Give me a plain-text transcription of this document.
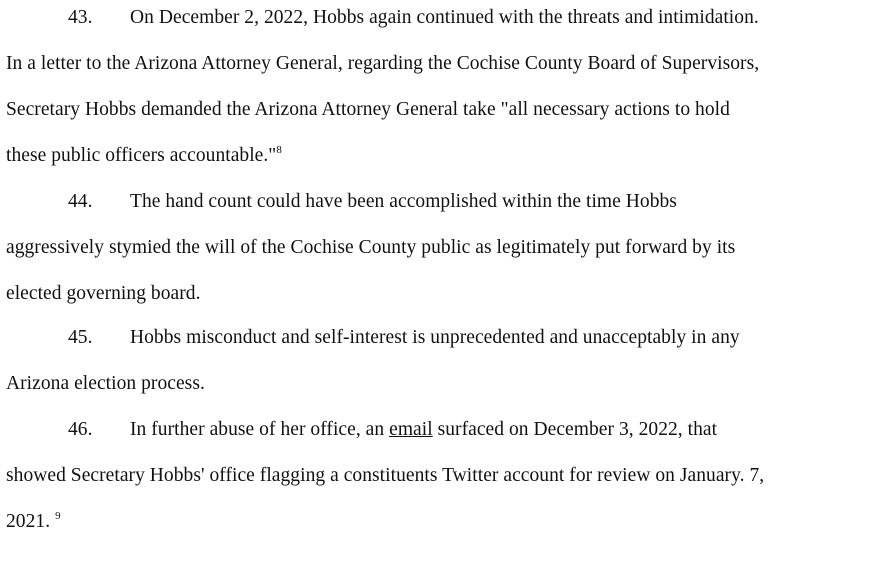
43. On December 2, 2022, Hobbs again continued with the threats and intimidation.
In a letter to the Arizona Attorney General, regarding the Cochise County Board of Supervisors,
Secretary Hobbs demanded the Arizona Attorney General take "all necessary actions to hold
these public officers accountable."$^8$
44. The hand count could have been accomplished within the time Hobbs
aggressively stymied the will of the Cochise County public as legitimately put forward by its
elected governing board.
45. Hobbs misconduct and self-interest is unprecedented and unacceptably in any
Arizona election process.
46. In further abuse of her office, an email surfaced on December 3, 2022, that
showed Secretary Hobbs' office flagging a constituents Twitter account for review on January. 7,
2021. $^9$
